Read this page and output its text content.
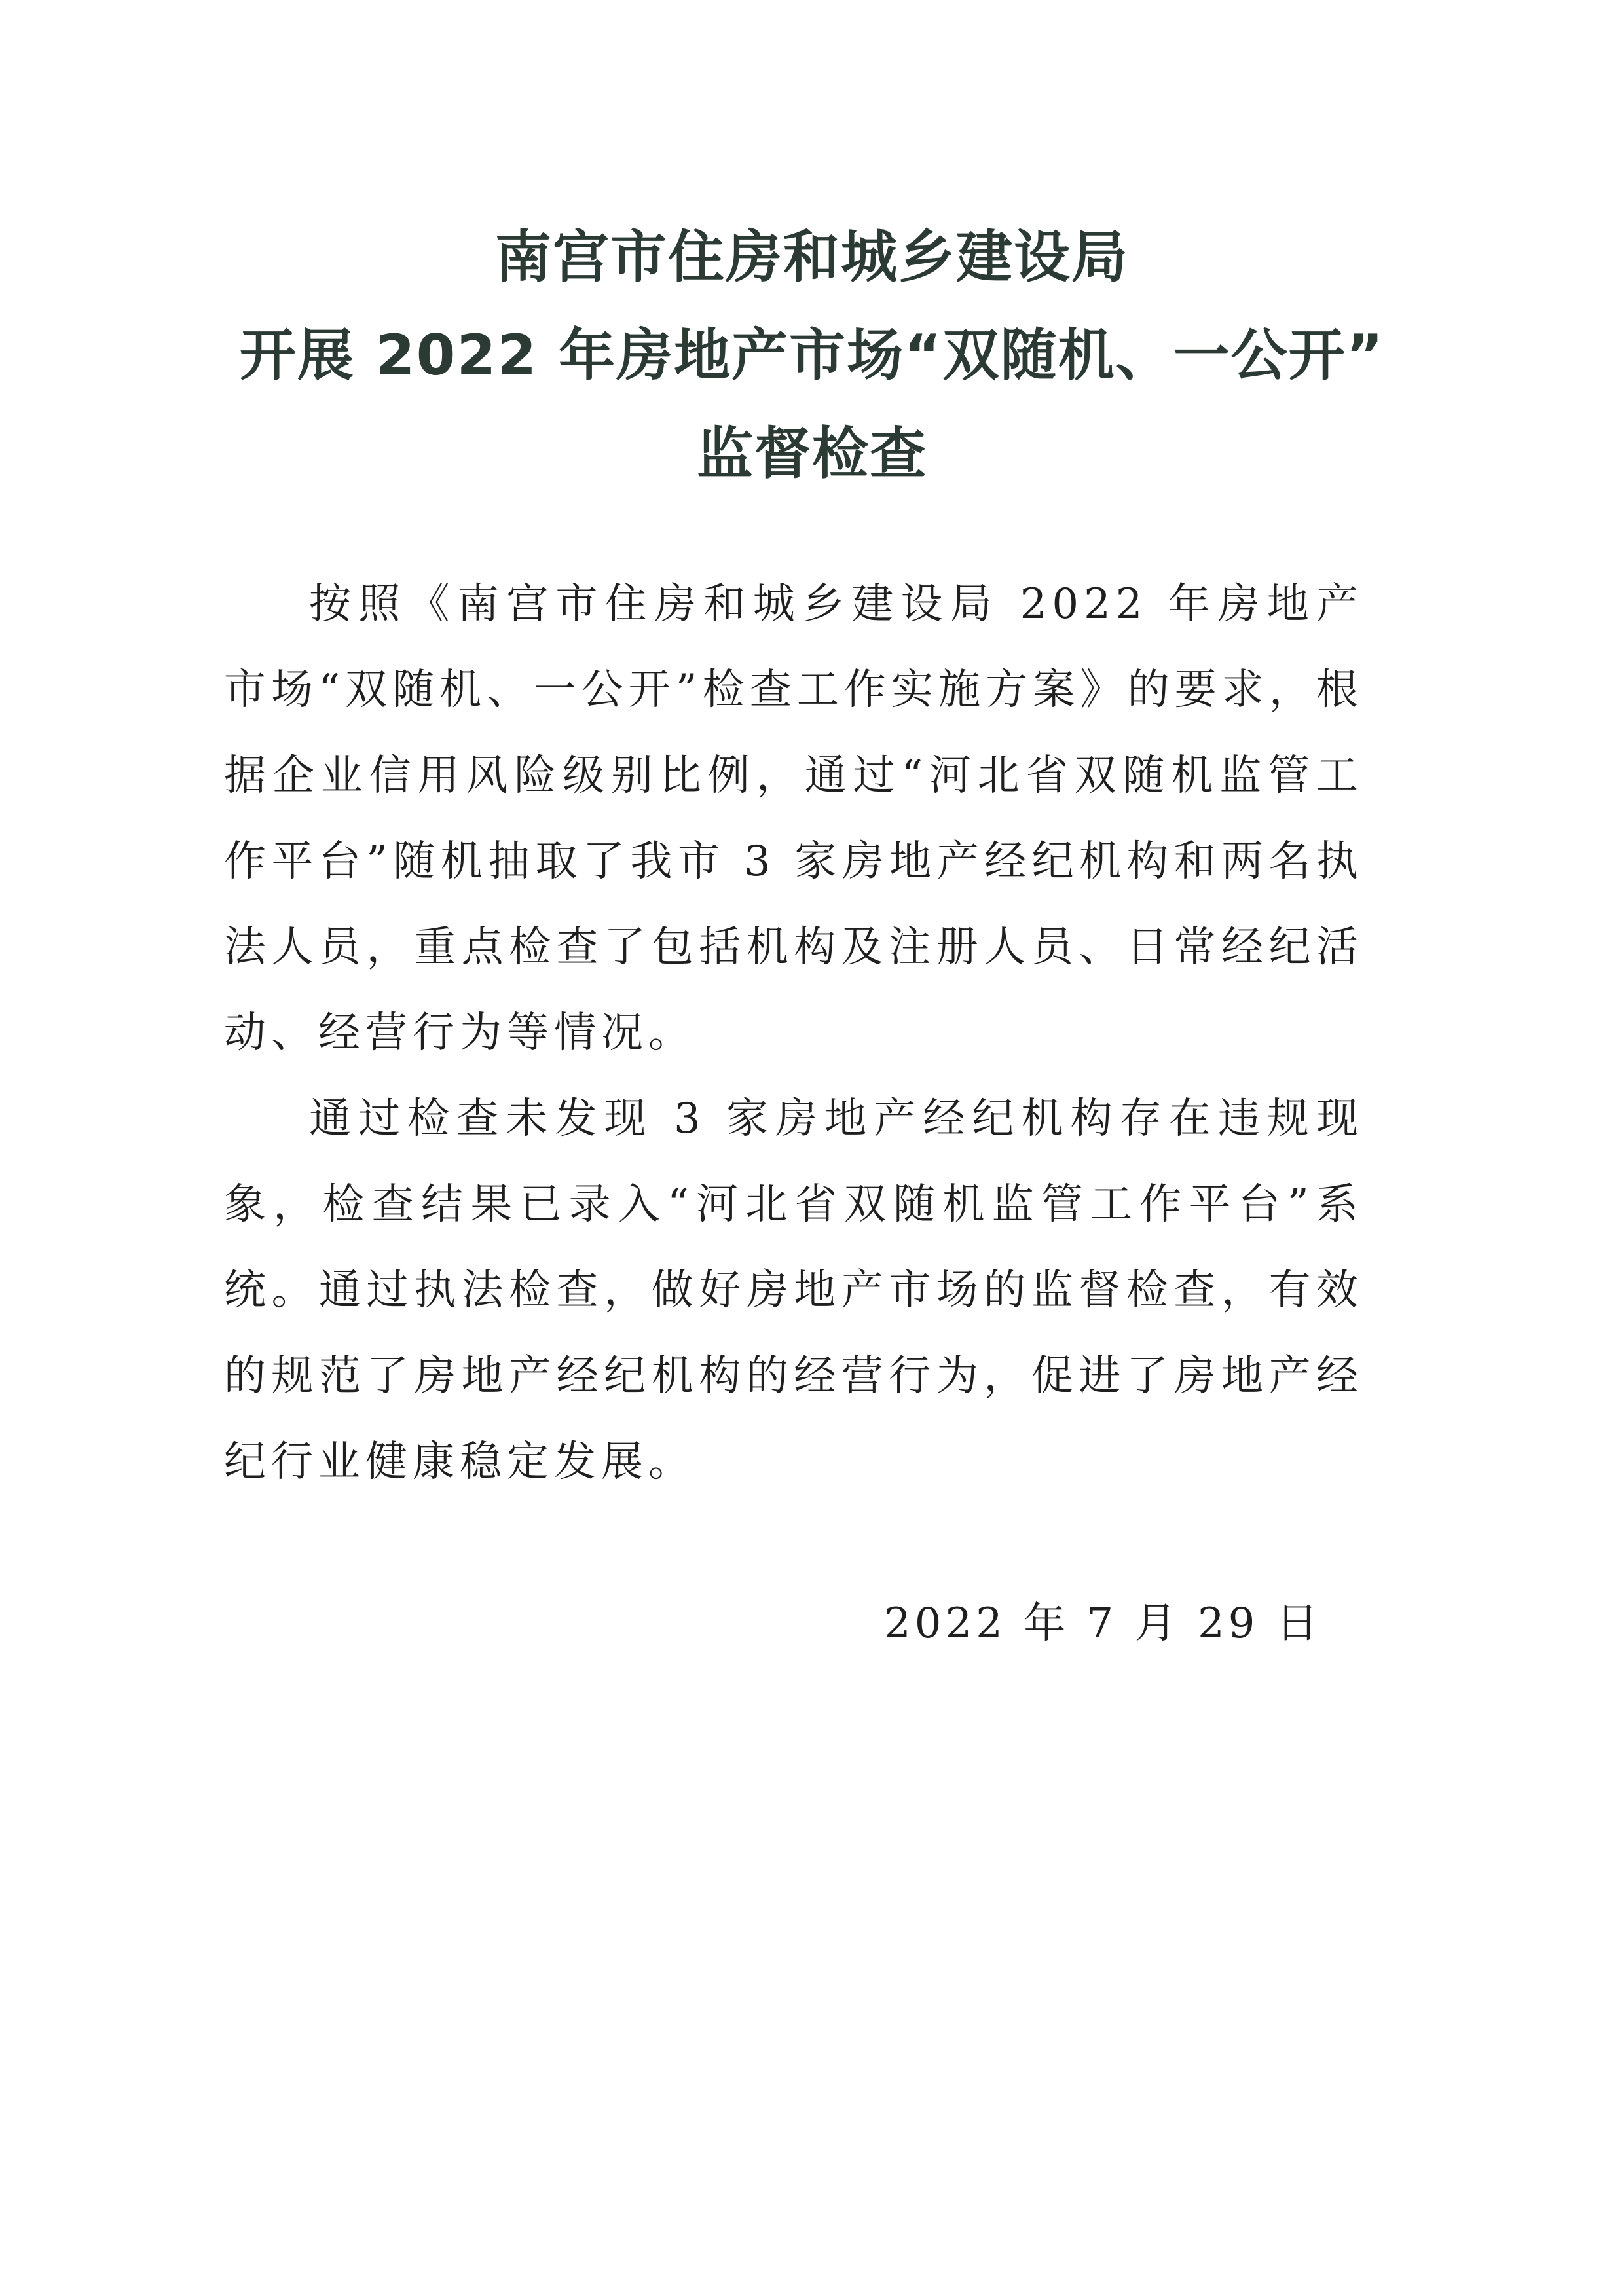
南宫市住房和城乡建设局
开展 2022 年房地产市场“双随机、一公开”
监督检查

按照《南宫市住房和城乡建设局 2022 年房地产市场“双随机、一公开”检查工作实施方案》的要求，根据企业信用风险级别比例，通过“河北省双随机监管工作平台”随机抽取了我市 3 家房地产经纪机构和两名执法人员，重点检查了包括机构及注册人员、日常经纪活动、经营行为等情况。

通过检查未发现 3 家房地产经纪机构存在违规现象，检查结果已录入“河北省双随机监管工作平台”系统。通过执法检查，做好房地产市场的监督检查，有效的规范了房地产经纪机构的经营行为，促进了房地产经纪行业健康稳定发展。

2022 年 7 月 29 日
